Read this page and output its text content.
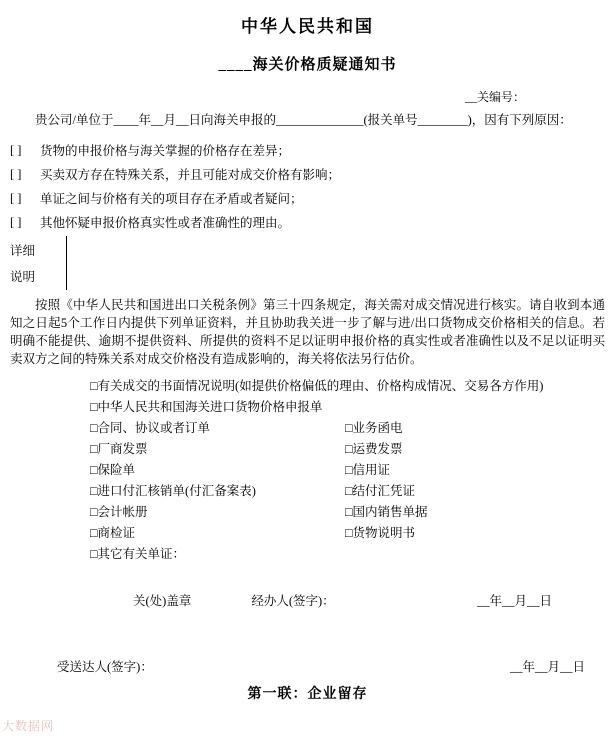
中华人民共和国
____海关价格质疑通知书
__关编号：
贵公司/单位于____年__月__日向海关申报的______________(报关单号________)，因有下列原因：
[ ]	货物的申报价格与海关掌握的价格存在差异；
[ ]	买卖双方存在特殊关系，并且可能对成交价格有影响；
[ ]	单证之间与价格有关的项目存在矛盾或者疑问；
[ ]	其他怀疑申报价格真实性或者准确性的理由。
详细
说明
按照《中华人民共和国进出口关税条例》第三十四条规定，海关需对成交情况进行核实。请自收到本通知之日起5个工作日内提供下列单证资料，并且协助我关进一步了解与进/出口货物成交价格相关的信息。若明确不能提供、逾期不提供资料、所提供的资料不足以证明申报价格的真实性或者准确性以及不足以证明买卖双方之间的特殊关系对成交价格没有造成影响的，海关将依法另行估价。
□有关成交的书面情况说明(如提供价格偏低的理由、价格构成情况、交易各方作用)
□中华人民共和国海关进口货物价格申报单
□合同、协议或者订单	□业务函电
□厂商发票	□运费发票
□保险单	□信用证
□进口付汇核销单(付汇备案表)	□结付汇凭证
□会计帐册	□国内销售单据
□商检证	□货物说明书
□其它有关单证：
关(处)盖章	经办人(签字)：	__年__月__日
受送达人(签字)：	__年__月__日
第一联：企业留存
大数据网
